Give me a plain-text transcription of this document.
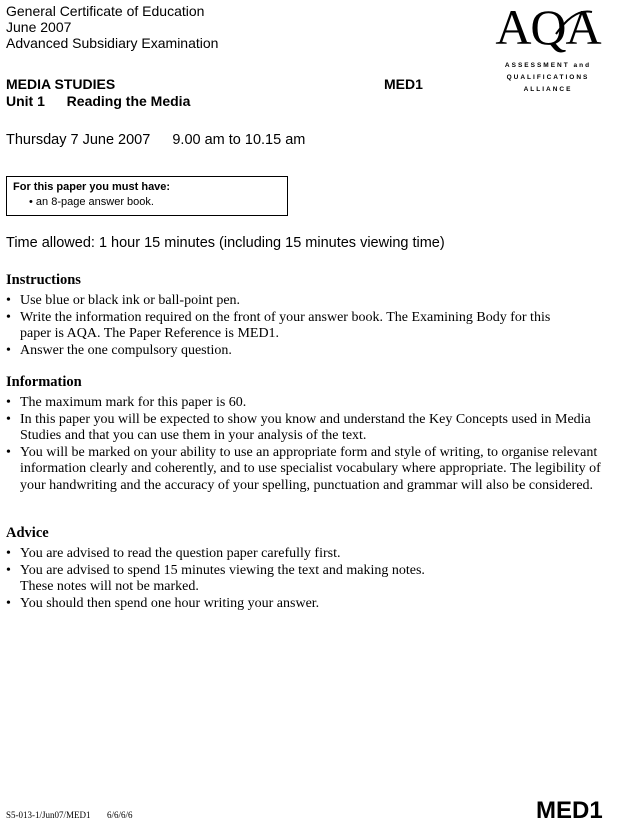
General Certificate of Education
June 2007
Advanced Subsidiary Examination	AQA
ASSESSMENT and
QUALIFICATIONS
ALLIANCE
MEDIA STUDIES	MED1
Unit 1 Reading the Media
Thursday 7 June 2007 9.00 am to 10.15 am
For this paper you must have:
• an 8-page answer book.
Time allowed: 1 hour 15 minutes (including 15 minutes viewing time)
Instructions
• Use blue or black ink or ball-point pen.
• Write the information required on the front of your answer book. The Examining Body for this paper is AQA. The Paper Reference is MED1.
• Answer the one compulsory question.
Information
• The maximum mark for this paper is 60.
• In this paper you will be expected to show you know and understand the Key Concepts used in Media Studies and that you can use them in your analysis of the text.
• You will be marked on your ability to use an appropriate form and style of writing, to organise relevant information clearly and coherently, and to use specialist vocabulary where appropriate. The legibility of your handwriting and the accuracy of your spelling, punctuation and grammar will also be considered.
Advice
• You are advised to read the question paper carefully first.
• You are advised to spend 15 minutes viewing the text and making notes. These notes will not be marked.
• You should then spend one hour writing your answer.
S5-013-1/Jun07/MED1 6/6/6/6	MED1
